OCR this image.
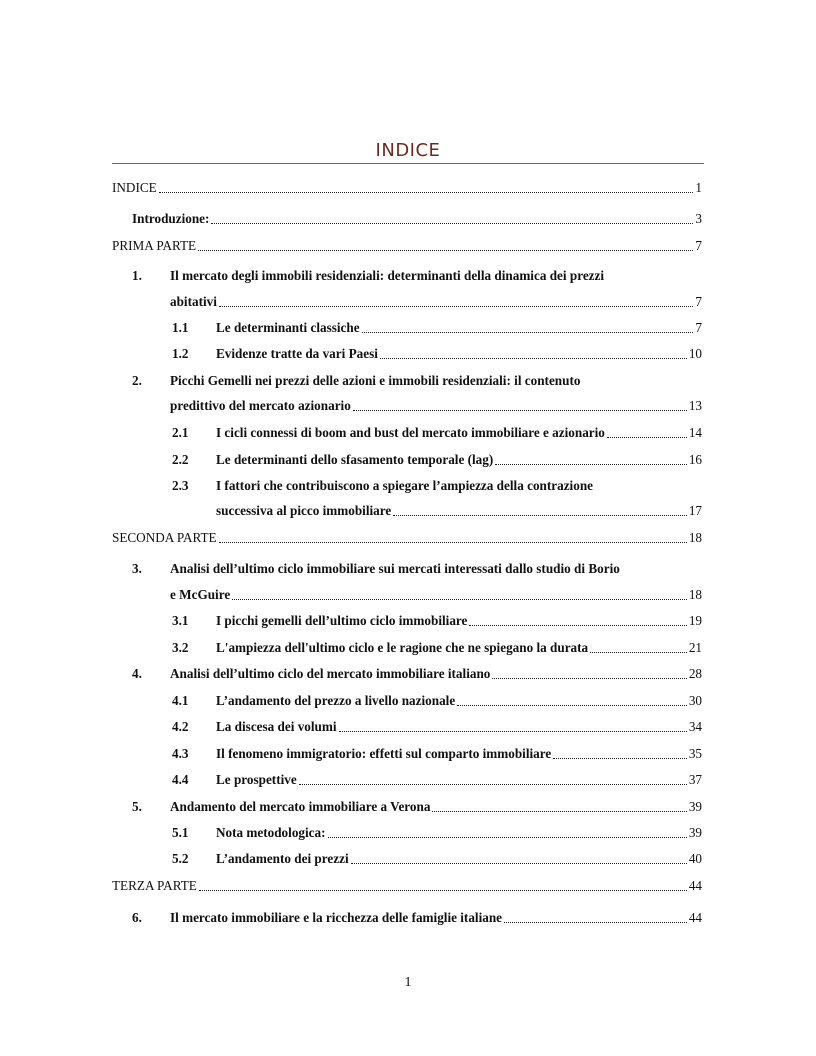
INDICE
INDICE	1
Introduzione:	3
PRIMA PARTE	7
1. Il mercato degli immobili residenziali: determinanti della dinamica dei prezzi
abitativi	7
1.1 Le determinanti classiche	7
1.2 Evidenze tratte da vari Paesi	10
2. Picchi Gemelli nei prezzi delle azioni e immobili residenziali: il contenuto
predittivo del mercato azionario	13
2.1 I cicli connessi di boom and bust del mercato immobiliare e azionario	14
2.2 Le determinanti dello sfasamento temporale (lag)	16
2.3 I fattori che contribuiscono a spiegare l’ampiezza della contrazione
successiva al picco immobiliare	17
SECONDA PARTE	18
3. Analisi dell’ultimo ciclo immobiliare sui mercati interessati dallo studio di Borio
e McGuire	18
3.1 I picchi gemelli dell’ultimo ciclo immobiliare	19
3.2 L'ampiezza dell'ultimo ciclo e le ragione che ne spiegano la durata	21
4. Analisi dell’ultimo ciclo del mercato immobiliare italiano	28
4.1 L’andamento del prezzo a livello nazionale	30
4.2 La discesa dei volumi	34
4.3 Il fenomeno immigratorio: effetti sul comparto immobiliare	35
4.4 Le prospettive	37
5. Andamento del mercato immobiliare a Verona	39
5.1 Nota metodologica:	39
5.2 L’andamento dei prezzi	40
TERZA PARTE	44
6. Il mercato immobiliare e la ricchezza delle famiglie italiane	44
1
